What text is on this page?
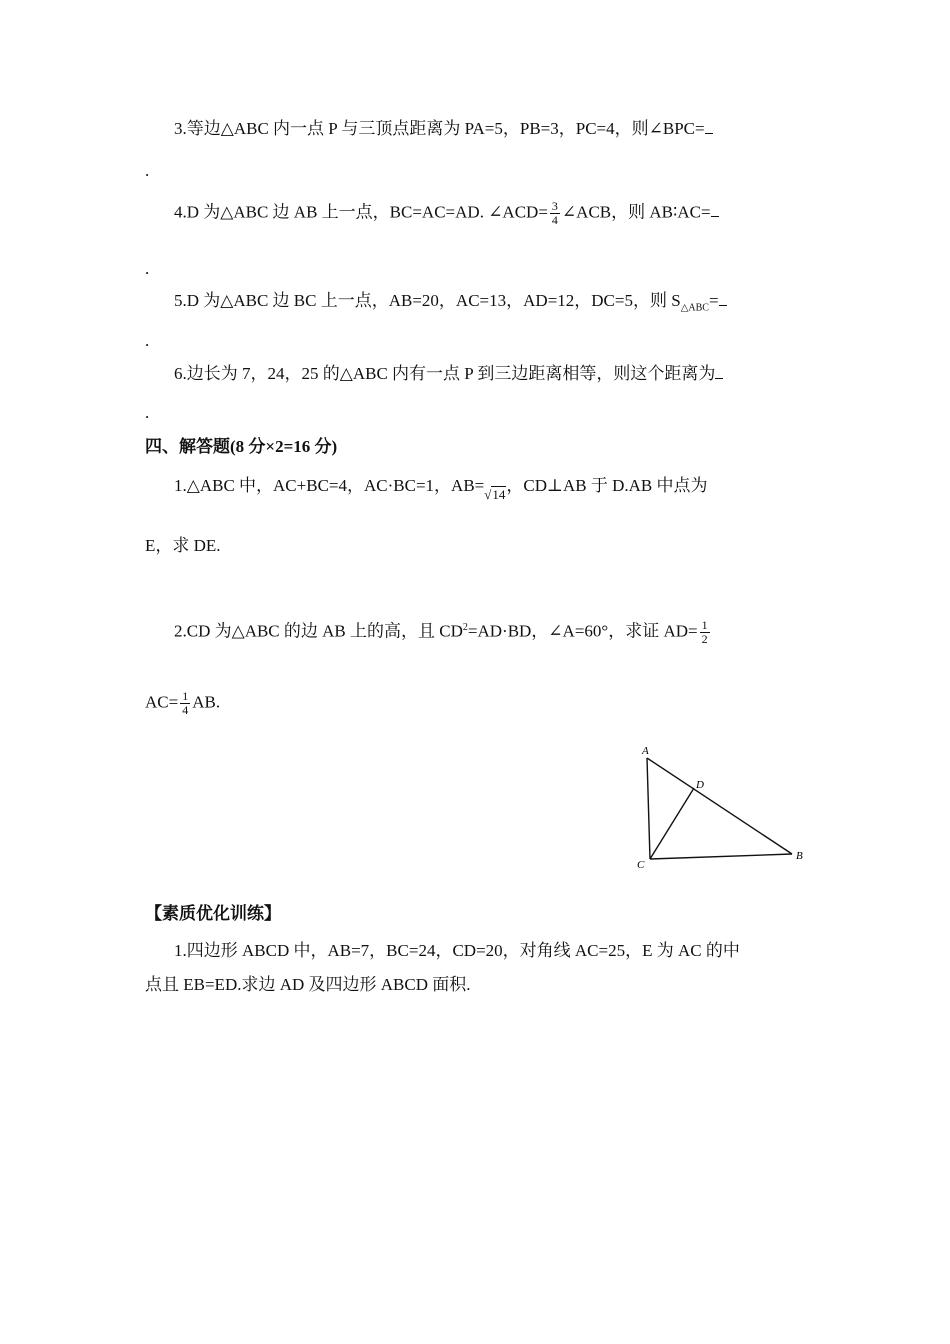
3.等边△ABC 内一点 P 与三顶点距离为 PA=5，PB=3，PC=4，则∠BPC=
.
4.D 为△ABC 边 AB 上一点，BC=AC=AD. ∠ACD= $\frac{3}{4}$ ∠ACB，则 AB∶AC=
.
5.D 为△ABC 边 BC 上一点，AB=20，AC=13，AD=12，DC=5，则 $S_{\triangle ABC}=$
.
6.边长为 7，24，25 的△ABC 内有一点 P 到三边距离相等，则这个距离为
.
四、解答题(8 分×2=16 分)
1.△ABC 中，AC+BC=4，AC·BC=1，AB=√14，CD⊥AB 于 D.AB 中点为
E，求 DE.
2.CD 为△ABC 的边 AB 上的高，且 $CD^2=AD\cdot BD$，∠A=60°，求证 $AD= \frac{1}{2}$
$AC= \frac{1}{4}$ AB.
A
D
C
B
【素质优化训练】
1.四边形 ABCD 中，AB=7，BC=24，CD=20，对角线 AC=25，E 为 AC 的中
点且 EB=ED.求边 AD 及四边形 ABCD 面积.
